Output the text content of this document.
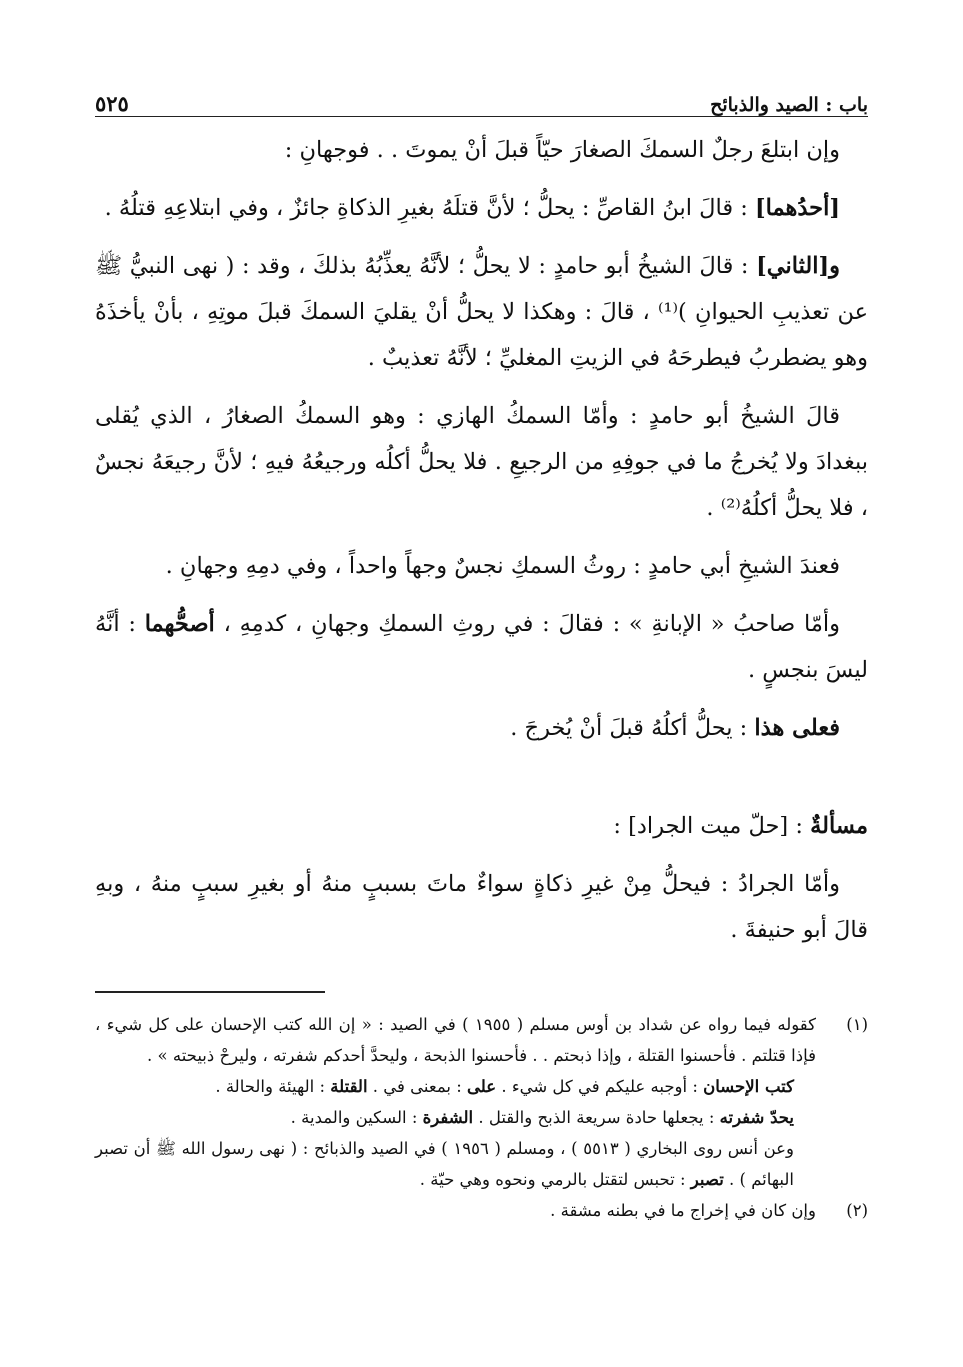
باب : الصيد والذبائح
٥٢٥

وإن ابتلعَ رجلٌ السمكَ الصغارَ حيّاً قبلَ أنْ يموتَ . . فوجهانِ :

[أحدُهما] : قالَ ابنُ القاصِّ : يحلُّ ؛ لأنَّ قتلَهُ بغيرِ الذكاةِ جائزٌ ، وفي ابتلاعِهِ قتلُهُ .

و[الثاني] : قالَ الشيخُ أبو حامدٍ : لا يحلُّ ؛ لأنَّهُ يعذِّبُهُ بذلكَ ، وقد : ( نهى النبيُّ ﷺ عن تعذيبِ الحيوانِ )⁽¹⁾ ، قالَ : وهكذا لا يحلُّ أنْ يقليَ السمكَ قبلَ موتِهِ ، بأنْ يأخذَهُ وهو يضطربُ فيطرحَهُ في الزيتِ المغليِّ ؛ لأنَّهُ تعذيبٌ .

قالَ الشيخُ أبو حامدٍ : وأمّا السمكُ الهازي : وهو السمكُ الصغارُ ، الذي يُقلى ببغدادَ ولا يُخرجُ ما في جوفِهِ من الرجيعِ . فلا يحلُّ أكلُه ورجيعُهُ فيهِ ؛ لأنَّ رجيعَهُ نجسٌ ، فلا يحلُّ أكلُهُ⁽²⁾ .

فعندَ الشيخِ أبي حامدٍ : روثُ السمكِ نجسٌ وجهاً واحداً ، وفي دمِهِ وجهانِ .

وأمّا صاحبُ « الإبانةِ » : فقالَ : في روثِ السمكِ وجهانِ ، كدمِهِ ، أصحُّهما : أنَّهُ ليسَ بنجسٍ .

فعلى هذا : يحلُّ أكلُهُ قبلَ أنْ يُخرجَ .

مسألةٌ : [حلّ ميت الجراد] :

وأمّا الجرادُ : فيحلُّ مِنْ غيرِ ذكاةٍ سواءٌ ماتَ بسببٍ منهُ أو بغيرِ سببٍ منهُ ، وبهِ قالَ أبو حنيفةَ .

(١)
كقوله فيما رواه عن شداد بن أوس مسلم ( ١٩٥٥ ) في الصيد : « إن الله كتب الإحسان على كل شيء ، فإذا قتلتم . فأحسنوا القتلة ، وإذا ذبحتم . . فأحسنوا الذبحة ، وليحدَّ أحدكم شفرته ، وليرحْ ذبيحته » .
كتب الإحسان : أوجبه عليكم في كل شيء . على : بمعنى في . القتلة : الهيئة والحالة .
يحدّ شفرته : يجعلها حادة سريعة الذبح والقتل . الشفرة : السكين والمدية .
وعن أنس روى البخاري ( ٥٥١٣ ) ، ومسلم ( ١٩٥٦ ) في الصيد والذبائح : ( نهى رسول الله ﷺ أن تصبر البهائم ) . تصبر : تحبس لتقتل بالرمي ونحوه وهي حيّة .
(٢)
وإن كان في إخراج ما في بطنه مشقة .
